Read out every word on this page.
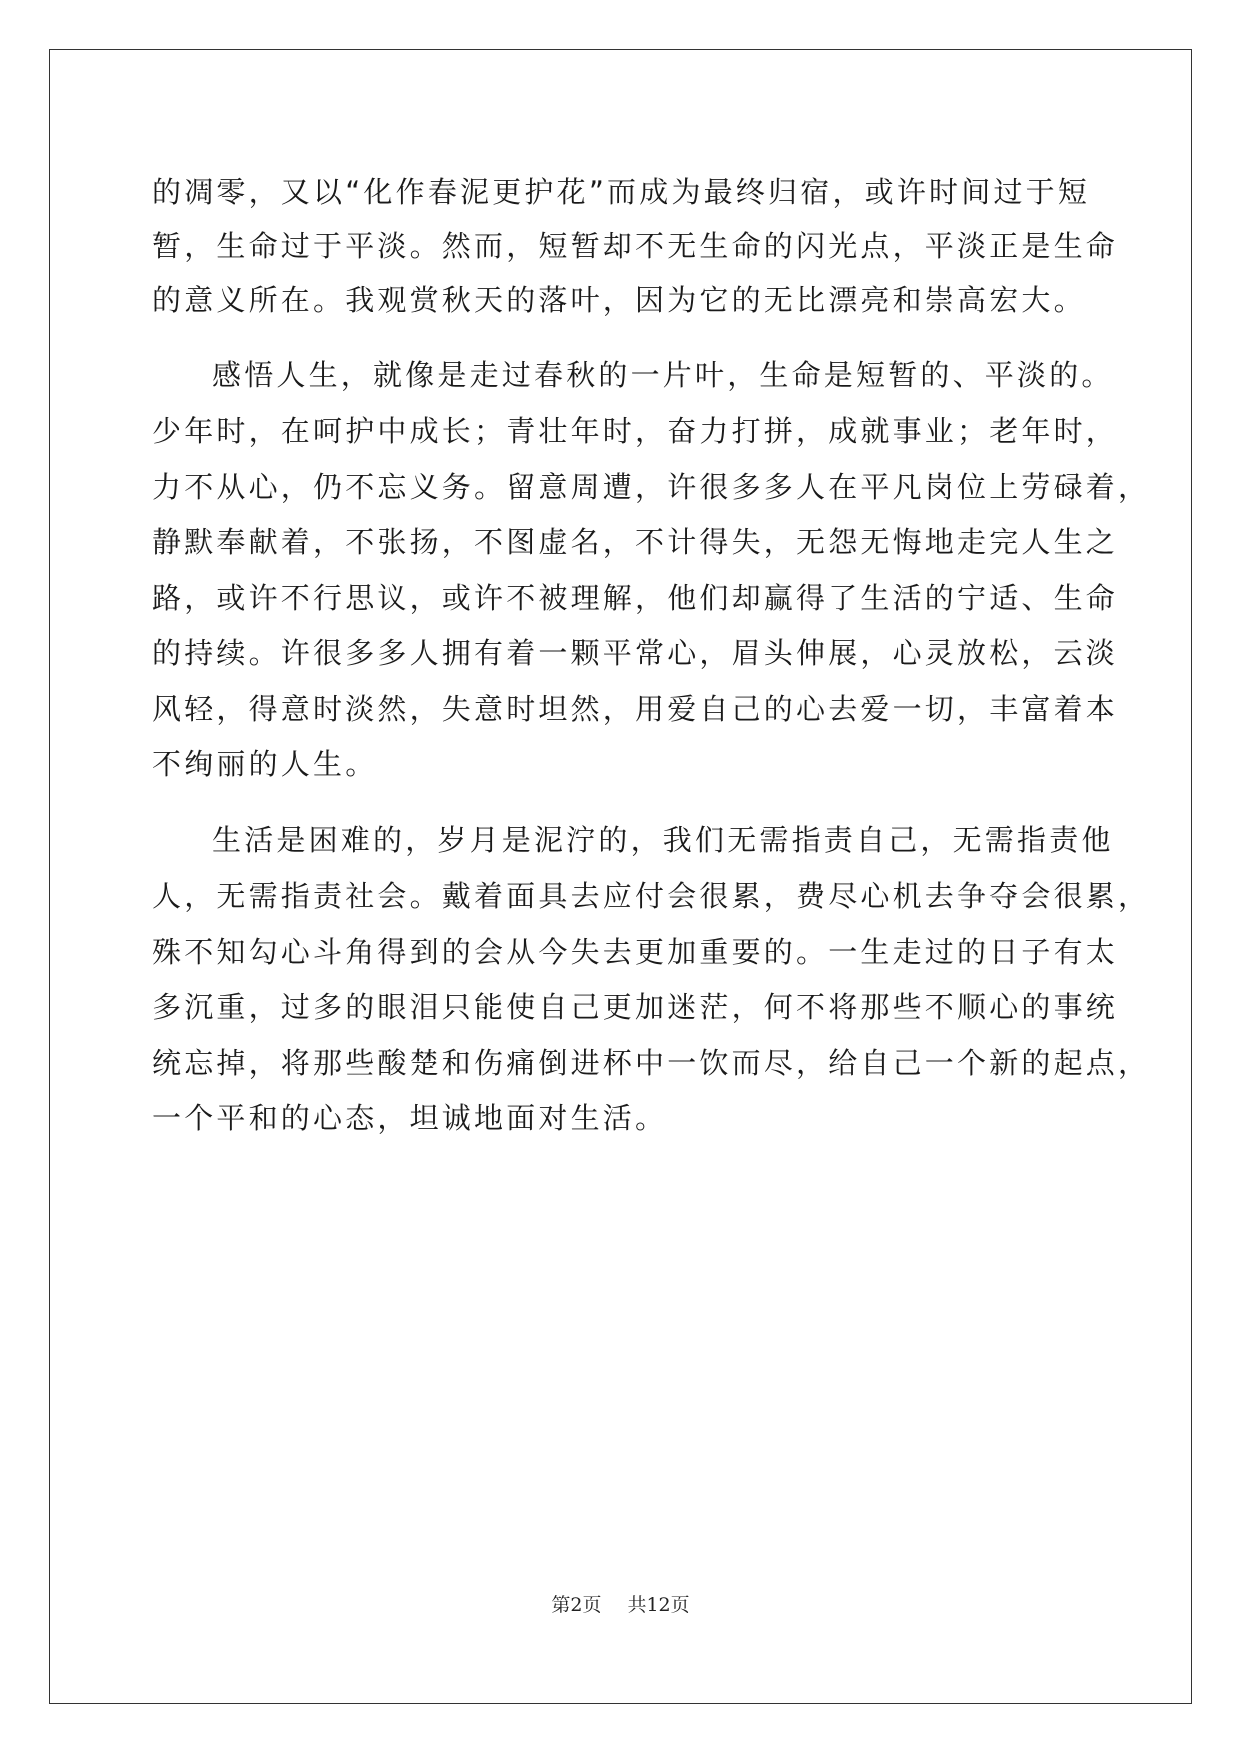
的凋零，又以“化作春泥更护花”而成为最终归宿，或许时间过于短
暂，生命过于平淡。然而，短暂却不无生命的闪光点，平淡正是生命
的意义所在。我观赏秋天的落叶，因为它的无比漂亮和崇高宏大。
感悟人生，就像是走过春秋的一片叶，生命是短暂的、平淡的。
少年时，在呵护中成长；青壮年时，奋力打拼，成就事业；老年时，
力不从心，仍不忘义务。留意周遭，许很多多人在平凡岗位上劳碌着，
静默奉献着，不张扬，不图虚名，不计得失，无怨无悔地走完人生之
路，或许不行思议，或许不被理解，他们却赢得了生活的宁适、生命
的持续。许很多多人拥有着一颗平常心，眉头伸展，心灵放松，云淡
风轻，得意时淡然，失意时坦然，用爱自己的心去爱一切，丰富着本
不绚丽的人生。
生活是困难的，岁月是泥泞的，我们无需指责自己，无需指责他
人，无需指责社会。戴着面具去应付会很累，费尽心机去争夺会很累，
殊不知勾心斗角得到的会从今失去更加重要的。一生走过的日子有太
多沉重，过多的眼泪只能使自己更加迷茫，何不将那些不顺心的事统
统忘掉，将那些酸楚和伤痛倒进杯中一饮而尽，给自己一个新的起点，
一个平和的心态，坦诚地面对生活。
第2页 共12页
